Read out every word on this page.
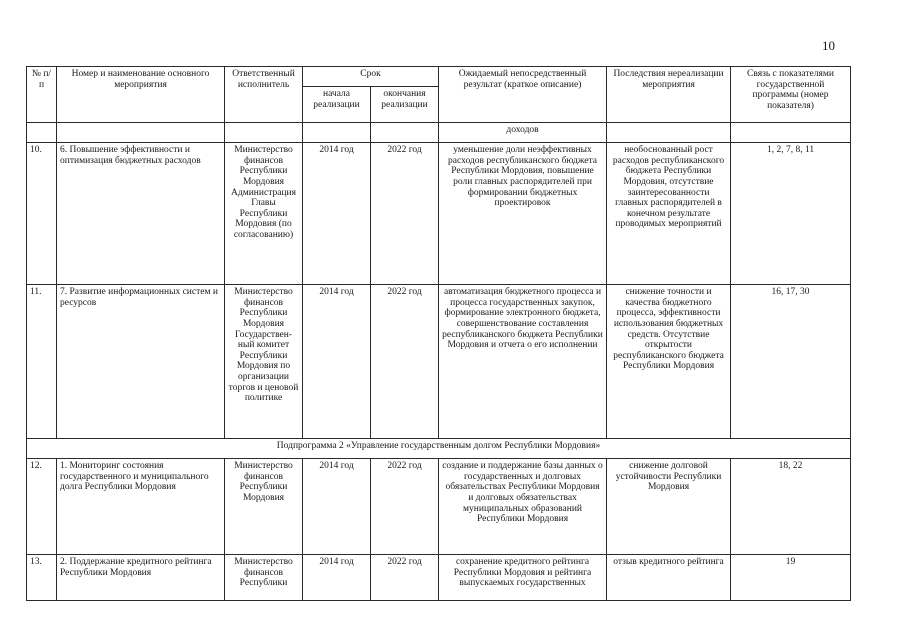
10
№ п/п	Номер и наименование основного мероприятия	Ответственный исполнитель	Срок		Ожидаемый непосредственный результат (краткое описание)	Последствия нереализации мероприятия	Связь с показателями государственной программы (номер показателя)
			начала реализации	окончания реализации			
					доходов		
10.	6. Повышение эффективности и оптимизация бюджетных расходов	Министерство финансов Республики Мордовия Администрация Главы Республики Мордовия (по согласованию)	2014 год	2022 год	уменьшение доли неэффективных расходов республиканского бюджета Республики Мордовия, повышение роли главных распорядителей при формировании бюджетных проектировок	необоснованный рост расходов республиканского бюджета Республики Мордовия, отсутствие заинтересованности главных распорядителей в конечном результате проводимых мероприятий	1, 2, 7, 8, 11
11.	7. Развитие информационных систем и ресурсов	Министерство финансов Республики Мордовия Государствен-ный комитет Республики Мордовия по организации торгов и ценовой политике	2014 год	2022 год	автоматизация бюджетного процесса и процесса государственных закупок, формирование электронного бюджета, совершенствование составления республиканского бюджета Республики Мордовия и отчета о его исполнении	снижение точности и качества бюджетного процесса, эффективности использования бюджетных средств. Отсутствие открытости республиканского бюджета Республики Мордовия	16, 17, 30
Подпрограмма 2 «Управление государственным долгом Республики Мордовия»							
12.	1. Мониторинг состояния государственного и муниципального долга Республики Мордовия	Министерство финансов Республики Мордовия	2014 год	2022 год	создание и поддержание базы данных о государственных и долговых обязательствах Республики Мордовия и долговых обязательствах муниципальных образований Республики Мордовия	снижение долговой устойчивости Республики Мордовия	18, 22
13.	2. Поддержание кредитного рейтинга Республики Мордовия	Министерство финансов Республики	2014 год	2022 год	сохранение кредитного рейтинга Республики Мордовия и рейтинга выпускаемых государственных	отзыв кредитного рейтинга	19
